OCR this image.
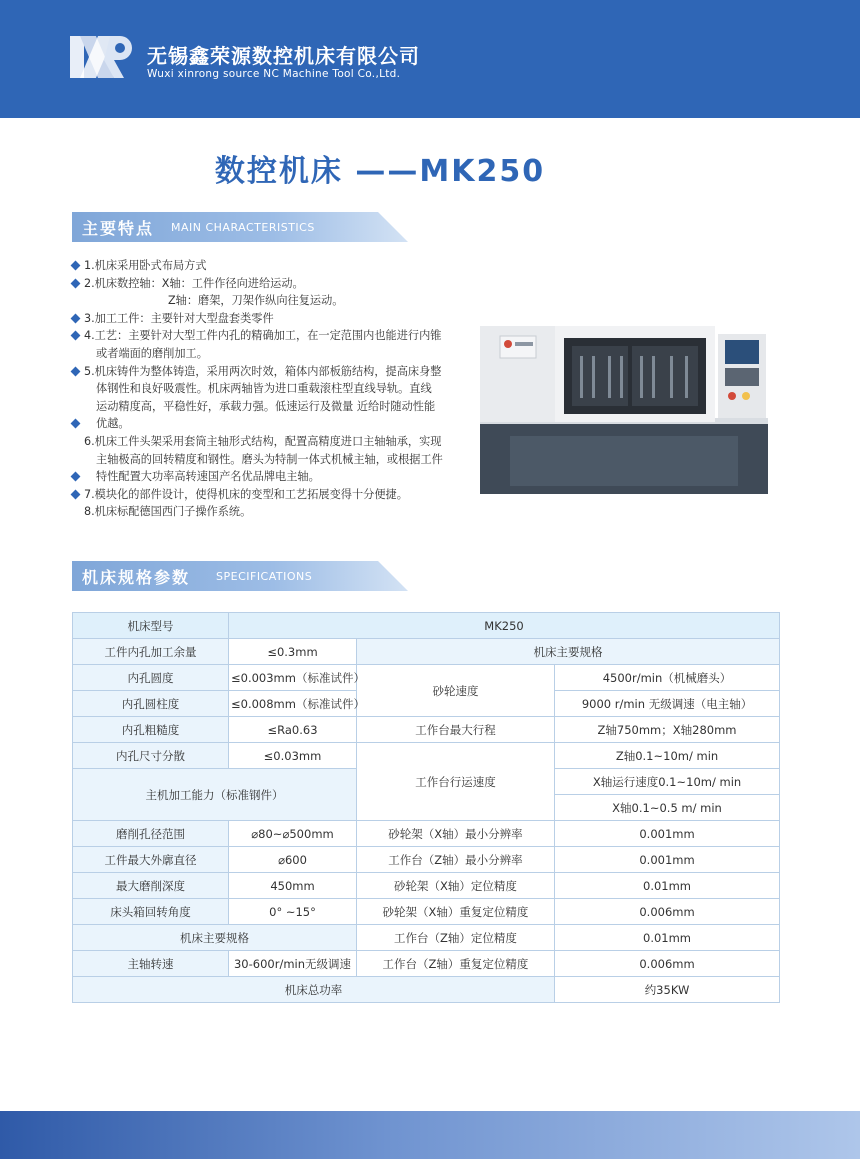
无锡鑫荣源数控机床有限公司
Wuxi xinrong source NC Machine Tool Co.,Ltd.
数控机床 ——MK250
主要特点 MAIN CHARACTERISTICS
1.机床采用卧式布局方式
2.机床数控轴：X轴：工件作径向进给运动。
Z轴：磨架，刀架作纵向往复运动。
3.加工工件：主要针对大型盘套类零件
4.工艺：主要针对大型工件内孔的精确加工，在一定范围内也能进行内锥
或者端面的磨削加工。
5.机床铸件为整体铸造，采用两次时效，箱体内部板筋结构，提高床身整
体钢性和良好吸震性。机床两轴皆为进口重载滚柱型直线导轨。直线
运动精度高，平稳性好，承载力强。低速运行及微量 近给时随动性能
优越。
6.机床工件头架采用套筒主轴形式结构，配置高精度进口主轴轴承，实现
主轴极高的回转精度和钢性。磨头为特制一体式机械主轴，或根据工件
特性配置大功率高转速国产名优品牌电主轴。
7.模块化的部件设计，使得机床的变型和工艺拓展变得十分便捷。
8.机床标配德国西门子操作系统。
机床规格参数 SPECIFICATIONS
机床型号	MK250		
工件内孔加工余量	≤0.3mm	机床主要规格	
内孔圆度	≤0.003mm（标准试件）	砂轮速度	4500r/min（机械磨头）
内孔圆柱度	≤0.008mm（标准试件）		9000 r/min 无级调速（电主轴）
内孔粗糙度	≤Ra0.63	工作台最大行程	Z轴750mm；X轴280mm
内孔尺寸分散	≤0.03mm	工作台行运速度	Z轴0.1~10m/ min
主机加工能力（标准钢件）			X轴运行速度0.1~10m/ min
			X轴0.1~0.5 m/ min
磨削孔径范围	⌀80~⌀500mm	砂轮架（X轴）最小分辨率	0.001mm
工件最大外廓直径	⌀600	工作台（Z轴）最小分辨率	0.001mm
最大磨削深度	450mm	砂轮架（X轴）定位精度	0.01mm
床头箱回转角度	0° ~15°	砂轮架（X轴）重复定位精度	0.006mm
机床主要规格		工作台（Z轴）定位精度	0.01mm
主轴转速	30-600r/min无级调速	工作台（Z轴）重复定位精度	0.006mm
机床总功率			约35KW
